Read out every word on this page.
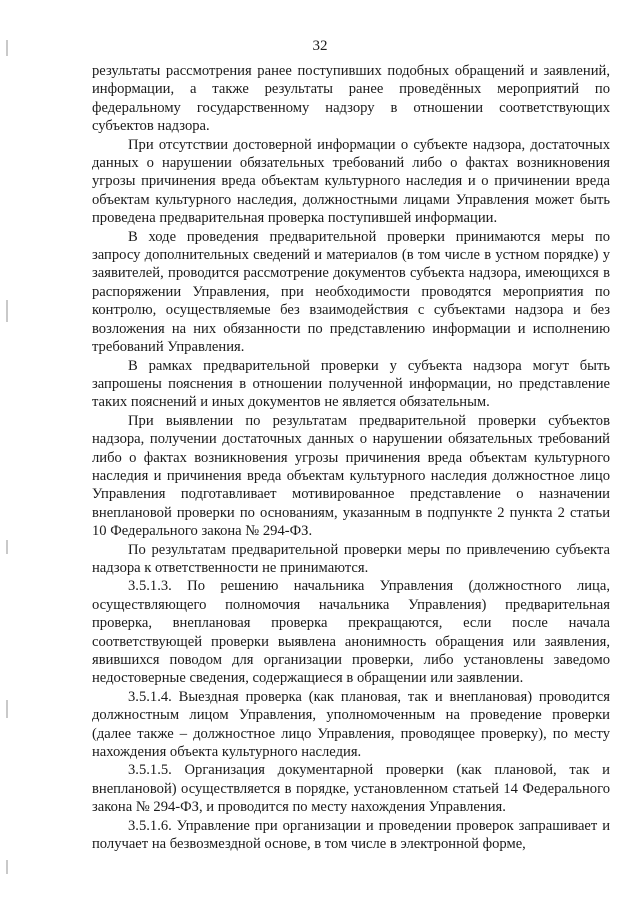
32

результаты рассмотрения ранее поступивших подобных обращений и заявлений, информации, а также результаты ранее проведённых мероприятий по федеральному государственному надзору в отношении соответствующих субъектов надзора.

При отсутствии достоверной информации о субъекте надзора, достаточных данных о нарушении обязательных требований либо о фактах возникновения угрозы причинения вреда объектам культурного наследия и о причинении вреда объектам культурного наследия, должностными лицами Управления может быть проведена предварительная проверка поступившей информации.

В ходе проведения предварительной проверки принимаются меры по запросу дополнительных сведений и материалов (в том числе в устном порядке) у заявителей, проводится рассмотрение документов субъекта надзора, имеющихся в распоряжении Управления, при необходимости проводятся мероприятия по контролю, осуществляемые без взаимодействия с субъектами надзора и без возложения на них обязанности по представлению информации и исполнению требований Управления.

В рамках предварительной проверки у субъекта надзора могут быть запрошены пояснения в отношении полученной информации, но представление таких пояснений и иных документов не является обязательным.

При выявлении по результатам предварительной проверки субъектов надзора, получении достаточных данных о нарушении обязательных требований либо о фактах возникновения угрозы причинения вреда объектам культурного наследия и причинения вреда объектам культурного наследия должностное лицо Управления подготавливает мотивированное представление о назначении внеплановой проверки по основаниям, указанным в подпункте 2 пункта 2 статьи 10 Федерального закона № 294-ФЗ.

По результатам предварительной проверки меры по привлечению субъекта надзора к ответственности не принимаются.

3.5.1.3. По решению начальника Управления (должностного лица, осуществляющего полномочия начальника Управления) предварительная проверка, внеплановая проверка прекращаются, если после начала соответствующей проверки выявлена анонимность обращения или заявления, явившихся поводом для организации проверки, либо установлены заведомо недостоверные сведения, содержащиеся в обращении или заявлении.

3.5.1.4. Выездная проверка (как плановая, так и внеплановая) проводится должностным лицом Управления, уполномоченным на проведение проверки (далее также – должностное лицо Управления, проводящее проверку), по месту нахождения объекта культурного наследия.

3.5.1.5. Организация документарной проверки (как плановой, так и внеплановой) осуществляется в порядке, установленном статьей 14 Федерального закона № 294-ФЗ, и проводится по месту нахождения Управления.

3.5.1.6. Управление при организации и проведении проверок запрашивает и получает на безвозмездной основе, в том числе в электронной форме,
